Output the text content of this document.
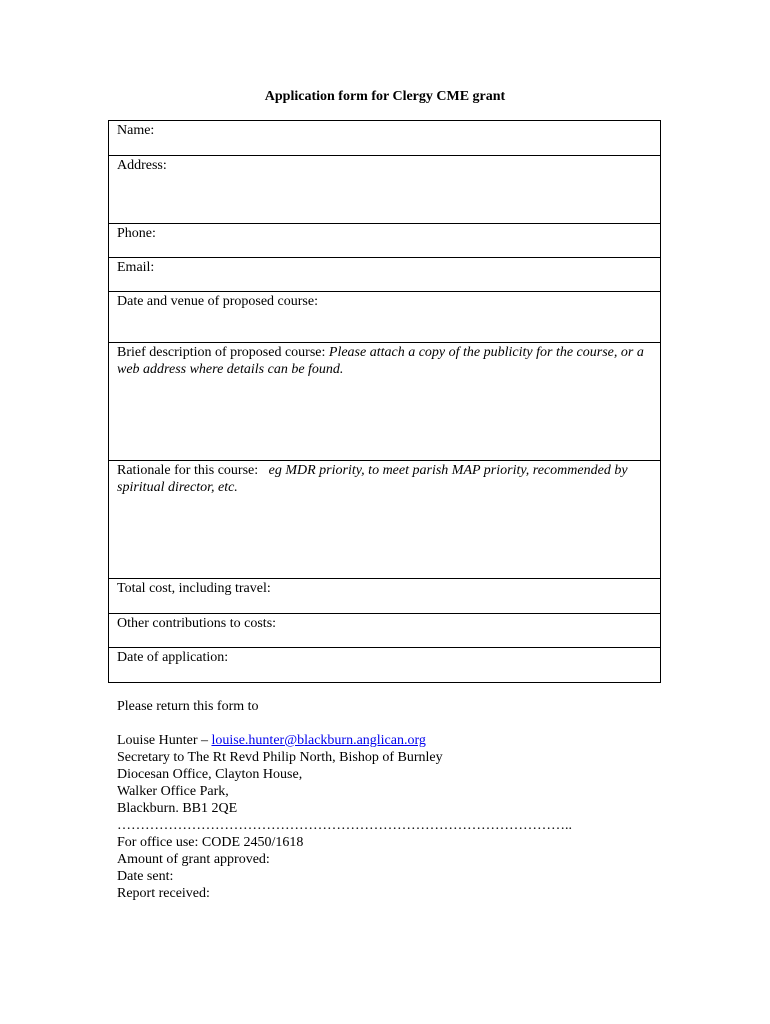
Application form for Clergy CME grant
Name:
Address:
Phone:
Email:
Date and venue of proposed course:
Brief description of proposed course: Please attach a copy of the publicity for the course, or a web address where details can be found.
Rationale for this course:   eg MDR priority, to meet parish MAP priority, recommended by spiritual director, etc.
Total cost, including travel:
Other contributions to costs:
Date of application:
Please return this form to
Louise Hunter – louise.hunter@blackburn.anglican.org
Secretary to The Rt Revd Philip North, Bishop of Burnley
Diocesan Office, Clayton House,
Walker Office Park,
Blackburn. BB1 2QE
……………………………………………………………………………………..
For office use: CODE 2450/1618
Amount of grant approved:
Date sent:
Report received:
